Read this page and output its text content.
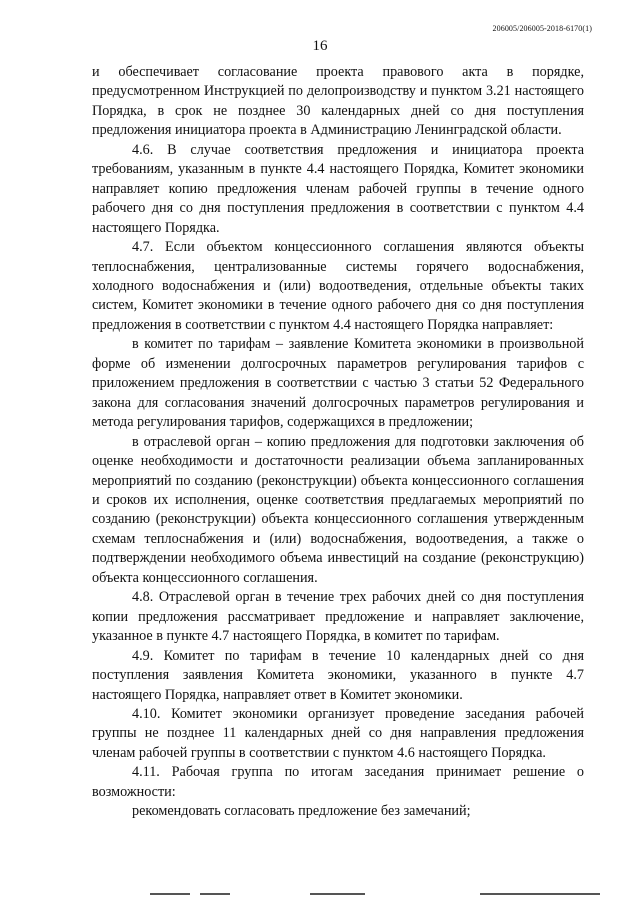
206005/206005-2018-6170(1)
16

и обеспечивает согласование проекта правового акта в порядке, предусмотренном Инструкцией по делопроизводству и пунктом 3.21 настоящего Порядка, в срок не позднее 30 календарных дней со дня поступления предложения инициатора проекта в Администрацию Ленинградской области.

4.6. В случае соответствия предложения и инициатора проекта требованиям, указанным в пункте 4.4 настоящего Порядка, Комитет экономики направляет копию предложения членам рабочей группы в течение одного рабочего дня со дня поступления предложения в соответствии с пунктом 4.4 настоящего Порядка.

4.7. Если объектом концессионного соглашения являются объекты теплоснабжения, централизованные системы горячего водоснабжения, холодного водоснабжения и (или) водоотведения, отдельные объекты таких систем, Комитет экономики в течение одного рабочего дня со дня поступления предложения в соответствии с пунктом 4.4 настоящего Порядка направляет:

в комитет по тарифам – заявление Комитета экономики в произвольной форме об изменении долгосрочных параметров регулирования тарифов с приложением предложения в соответствии с частью 3 статьи 52 Федерального закона для согласования значений долгосрочных параметров регулирования и метода регулирования тарифов, содержащихся в предложении;

в отраслевой орган – копию предложения для подготовки заключения об оценке необходимости и достаточности реализации объема запланированных мероприятий по созданию (реконструкции) объекта концессионного соглашения и сроков их исполнения, оценке соответствия предлагаемых мероприятий по созданию (реконструкции) объекта концессионного соглашения утвержденным схемам теплоснабжения и (или) водоснабжения, водоотведения, а также о подтверждении необходимого объема инвестиций на создание (реконструкцию) объекта концессионного соглашения.

4.8. Отраслевой орган в течение трех рабочих дней со дня поступления копии предложения рассматривает предложение и направляет заключение, указанное в пункте 4.7 настоящего Порядка, в комитет по тарифам.

4.9. Комитет по тарифам в течение 10 календарных дней со дня поступления заявления Комитета экономики, указанного в пункте 4.7 настоящего Порядка, направляет ответ в Комитет экономики.

4.10. Комитет экономики организует проведение заседания рабочей группы не позднее 11 календарных дней со дня направления предложения членам рабочей группы в соответствии с пунктом 4.6 настоящего Порядка.

4.11. Рабочая группа по итогам заседания принимает решение о возможности:

рекомендовать согласовать предложение без замечаний;
